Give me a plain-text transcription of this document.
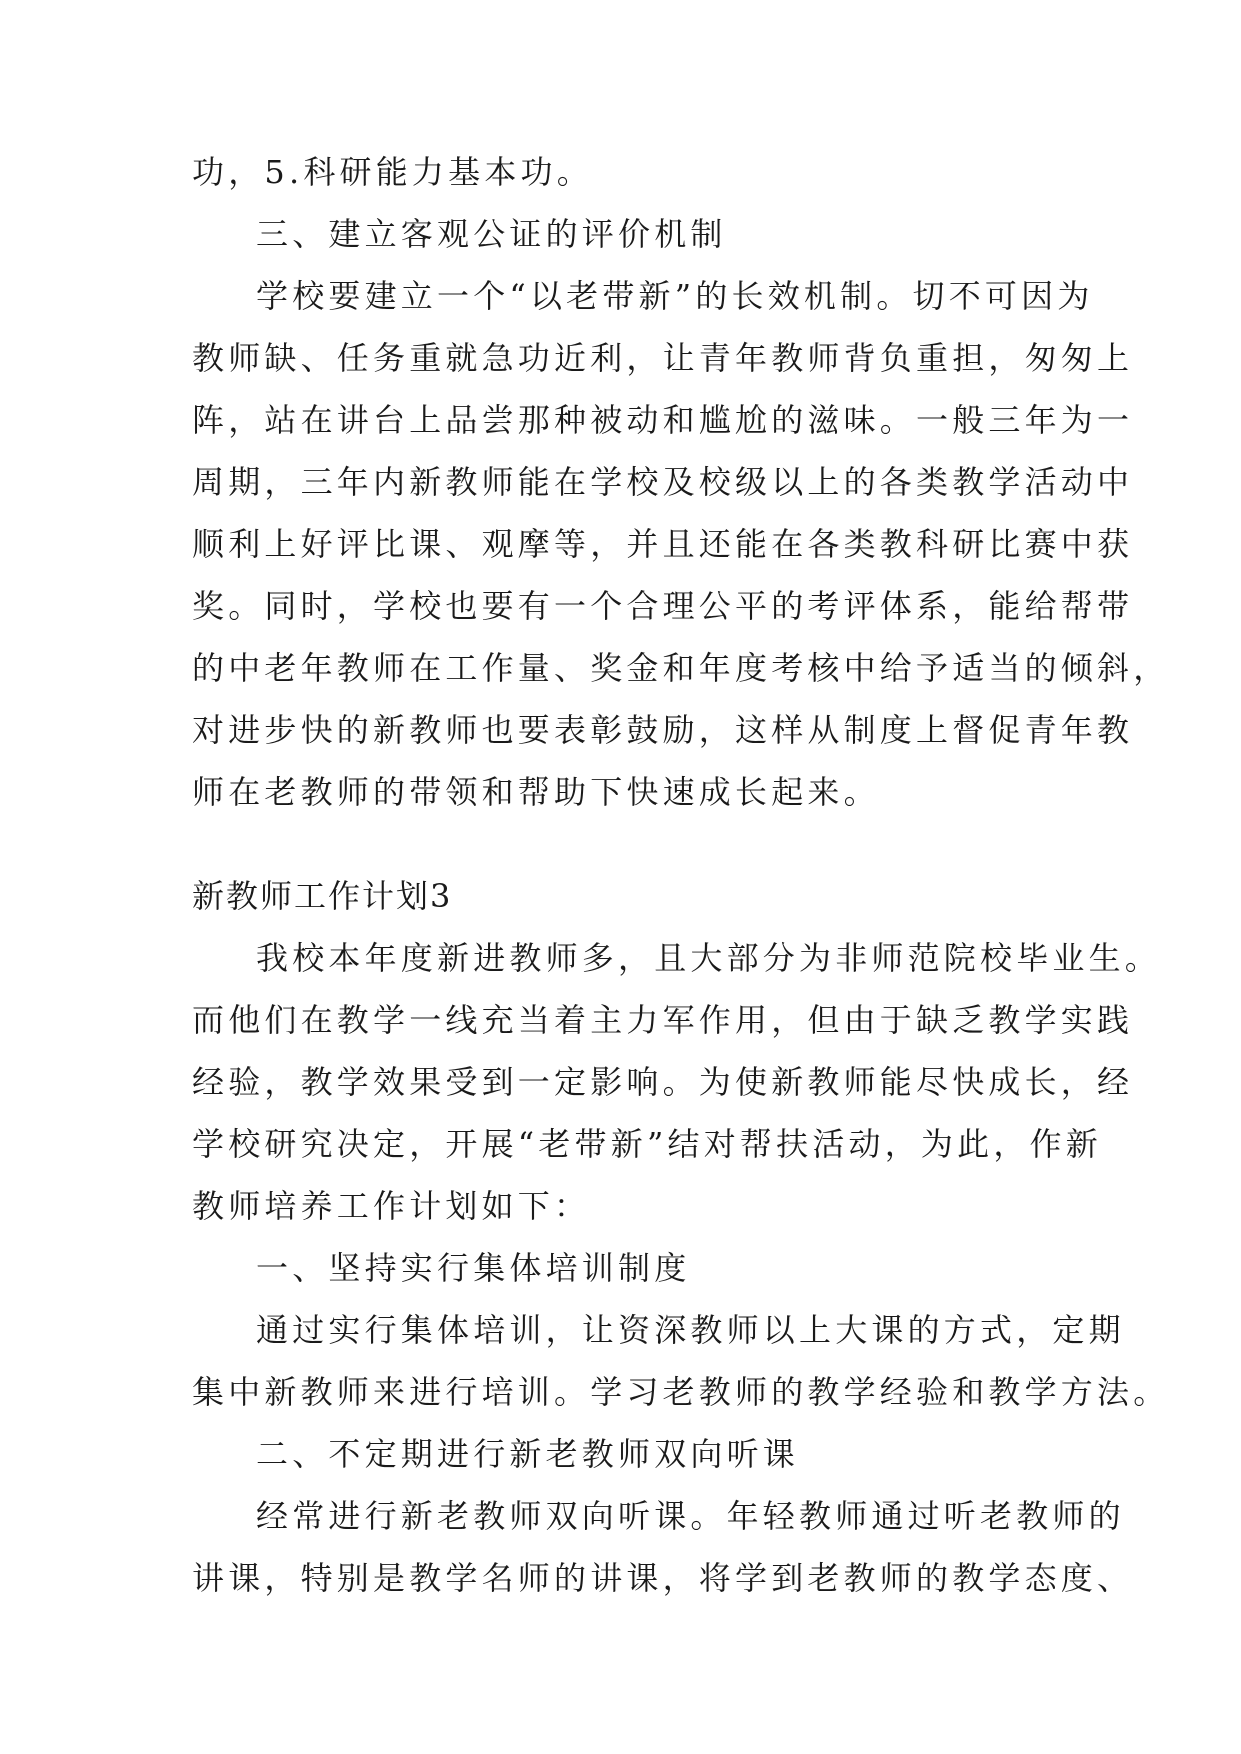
功，5.科研能力基本功。
三、建立客观公证的评价机制
学校要建立一个“以老带新”的长效机制。切不可因为
教师缺、任务重就急功近利，让青年教师背负重担，匆匆上
阵，站在讲台上品尝那种被动和尴尬的滋味。一般三年为一
周期，三年内新教师能在学校及校级以上的各类教学活动中
顺利上好评比课、观摩等，并且还能在各类教科研比赛中获
奖。同时，学校也要有一个合理公平的考评体系，能给帮带
的中老年教师在工作量、奖金和年度考核中给予适当的倾斜，
对进步快的新教师也要表彰鼓励，这样从制度上督促青年教
师在老教师的带领和帮助下快速成长起来。
新教师工作计划3
我校本年度新进教师多，且大部分为非师范院校毕业生。
而他们在教学一线充当着主力军作用，但由于缺乏教学实践
经验，教学效果受到一定影响。为使新教师能尽快成长，经
学校研究决定，开展“老带新”结对帮扶活动，为此，作新
教师培养工作计划如下：
一、坚持实行集体培训制度
通过实行集体培训，让资深教师以上大课的方式，定期
集中新教师来进行培训。学习老教师的教学经验和教学方法。
二、不定期进行新老教师双向听课
经常进行新老教师双向听课。年轻教师通过听老教师的
讲课，特别是教学名师的讲课，将学到老教师的教学态度、
